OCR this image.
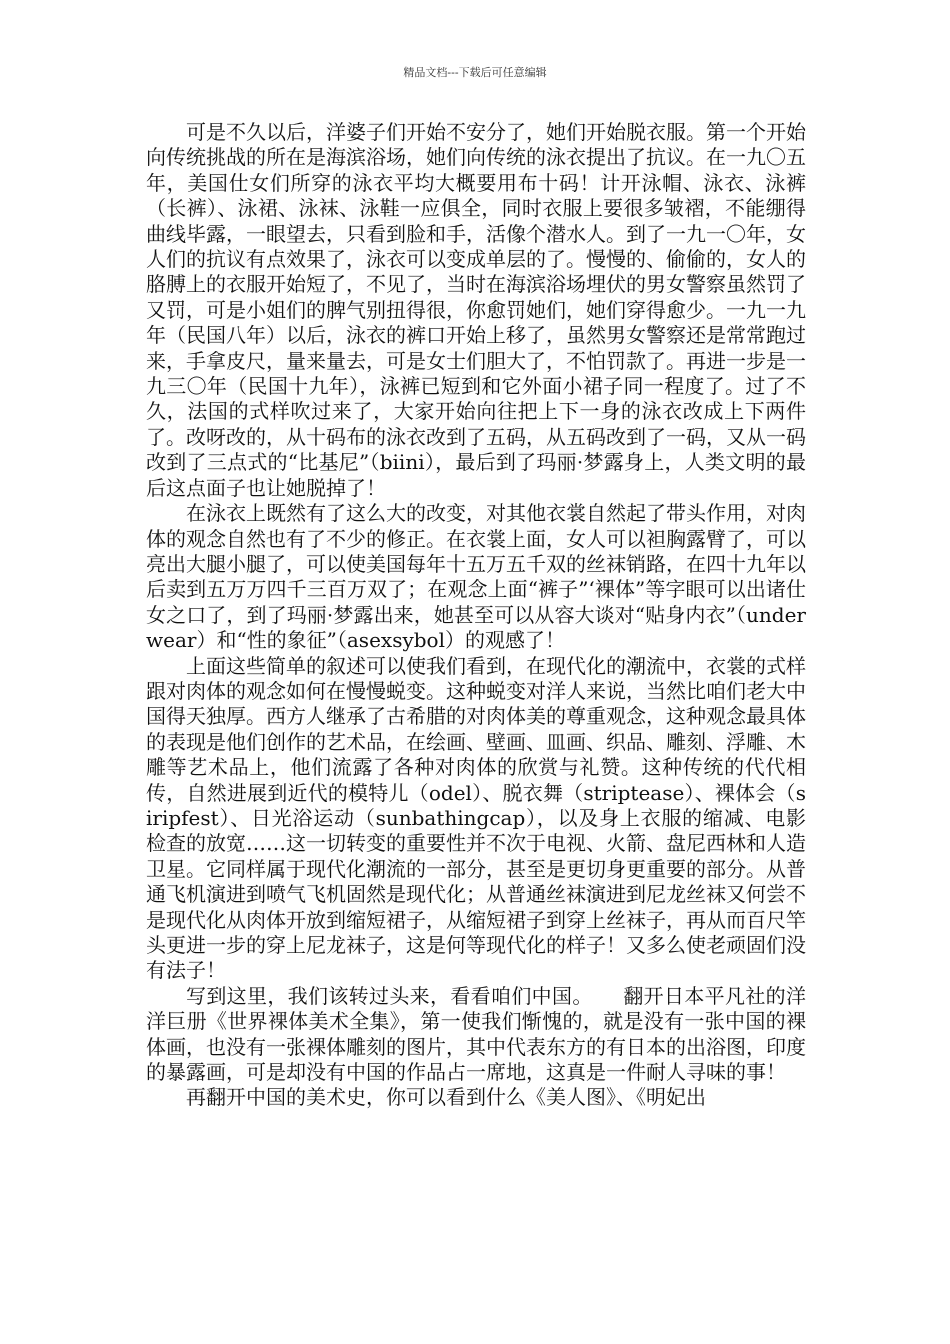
精品文档---下载后可任意编辑

可是不久以后，洋婆子们开始不安分了，她们开始脱衣服。第一个开始向传统挑战的所在是海滨浴场，她们向传统的泳衣提出了抗议。在一九〇五年，美国仕女们所穿的泳衣平均大概要用布十码！计开泳帽、泳衣、泳裤（长裤）、泳裙、泳袜、泳鞋一应俱全，同时衣服上要很多皱褶，不能绷得曲线毕露，一眼望去，只看到脸和手，活像个潜水人。到了一九一〇年，女人们的抗议有点效果了，泳衣可以变成单层的了。慢慢的、偷偷的，女人的胳膊上的衣服开始短了，不见了，当时在海滨浴场埋伏的男女警察虽然罚了又罚，可是小姐们的脾气别扭得很，你愈罚她们，她们穿得愈少。一九一九年（民国八年）以后，泳衣的裤口开始上移了，虽然男女警察还是常常跑过来，手拿皮尺，量来量去，可是女士们胆大了，不怕罚款了。再进一步是一九三〇年（民国十九年），泳裤已短到和它外面小裙子同一程度了。过了不久，法国的式样吹过来了，大家开始向往把上下一身的泳衣改成上下两件了。改呀改的，从十码布的泳衣改到了五码，从五码改到了一码，又从一码改到了三点式的“比基尼”（biini），最后到了玛丽·梦露身上，人类文明的最后这点面子也让她脱掉了！

在泳衣上既然有了这么大的改变，对其他衣裳自然起了带头作用，对肉体的观念自然也有了不少的修正。在衣裳上面，女人可以袒胸露臂了，可以亮出大腿小腿了，可以使美国每年十五万五千双的丝袜销路，在四十九年以后卖到五万万四千三百万双了；在观念上面“裤子”‘裸体”等字眼可以出诸仕女之口了，到了玛丽·梦露出来，她甚至可以从容大谈对“贴身内衣”（underwear）和“性的象征”（asexsybol）的观感了！

上面这些简单的叙述可以使我们看到，在现代化的潮流中，衣裳的式样跟对肉体的观念如何在慢慢蜕变。这种蜕变对洋人来说，当然比咱们老大中国得天独厚。西方人继承了古希腊的对肉体美的尊重观念，这种观念最具体的表现是他们创作的艺术品，在绘画、壁画、皿画、织品、雕刻、浮雕、木雕等艺术品上，他们流露了各种对肉体的欣赏与礼赞。这种传统的代代相传，自然进展到近代的模特儿（odel）、脱衣舞（striptease）、裸体会（siripfest）、日光浴运动（sunbathingcap），以及身上衣服的缩减、电影检查的放宽……这一切转变的重要性并不次于电视、火箭、盘尼西林和人造卫星。它同样属于现代化潮流的一部分，甚至是更切身更重要的部分。从普通飞机演进到喷气飞机固然是现代化；从普通丝袜演进到尼龙丝袜又何尝不是现代化从肉体开放到缩短裙子，从缩短裙子到穿上丝袜子，再从而百尺竿头更进一步的穿上尼龙袜子，这是何等现代化的样子！又多么使老顽固们没有法子！

写到这里，我们该转过头来，看看咱们中国。　　翻开日本平凡社的洋洋巨册《世界裸体美术全集》，第一使我们惭愧的，就是没有一张中国的裸体画，也没有一张裸体雕刻的图片，其中代表东方的有日本的出浴图，印度的暴露画，可是却没有中国的作品占一席地，这真是一件耐人寻味的事！

再翻开中国的美术史，你可以看到什么《美人图》、《明妃出
